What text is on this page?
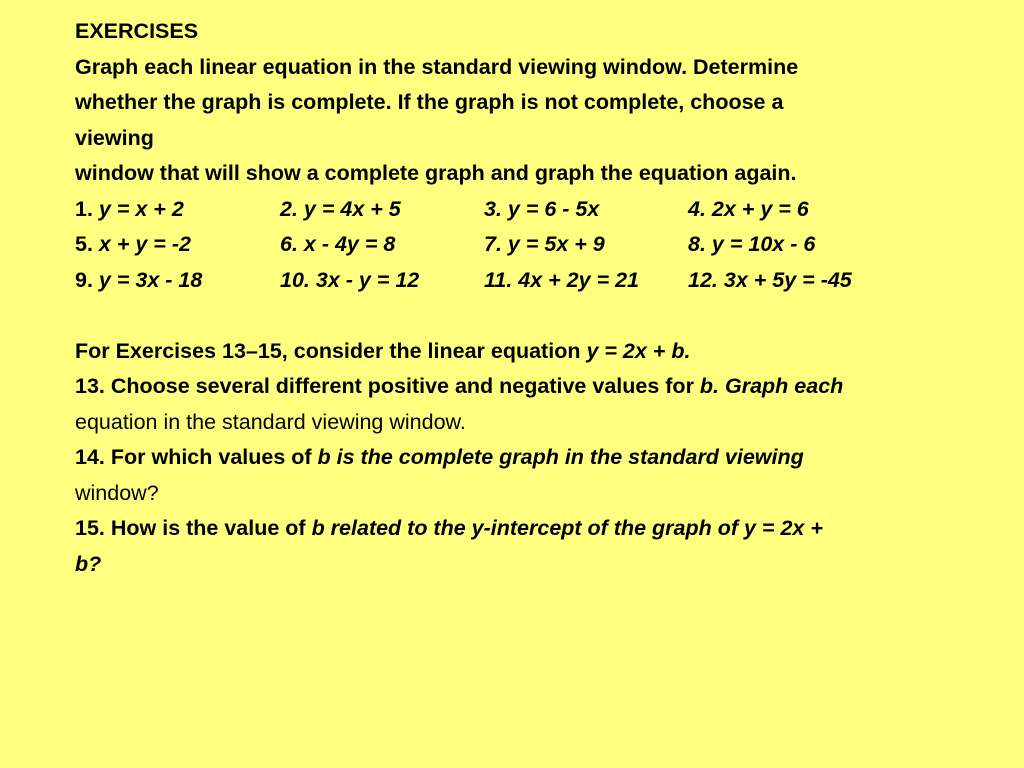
EXERCISES
Graph each linear equation in the standard viewing window. Determine
whether the graph is complete. If the graph is not complete, choose a
viewing
window that will show a complete graph and graph the equation again.
1. y = x + 2	2. y = 4x + 5	3. y = 6 - 5x	4. 2x + y = 6
5. x + y = -2	6. x - 4y = 8	7. y = 5x + 9	8. y = 10x - 6
9. y = 3x - 18	10. 3x - y = 12	11. 4x + 2y = 21	12. 3x + 5y = -45
For Exercises 13–15, consider the linear equation y = 2x + b.
13. Choose several different positive and negative values for b. Graph each
equation in the standard viewing window.
14. For which values of b is the complete graph in the standard viewing
window?
15. How is the value of b related to the y-intercept of the graph of y = 2x +
b?
